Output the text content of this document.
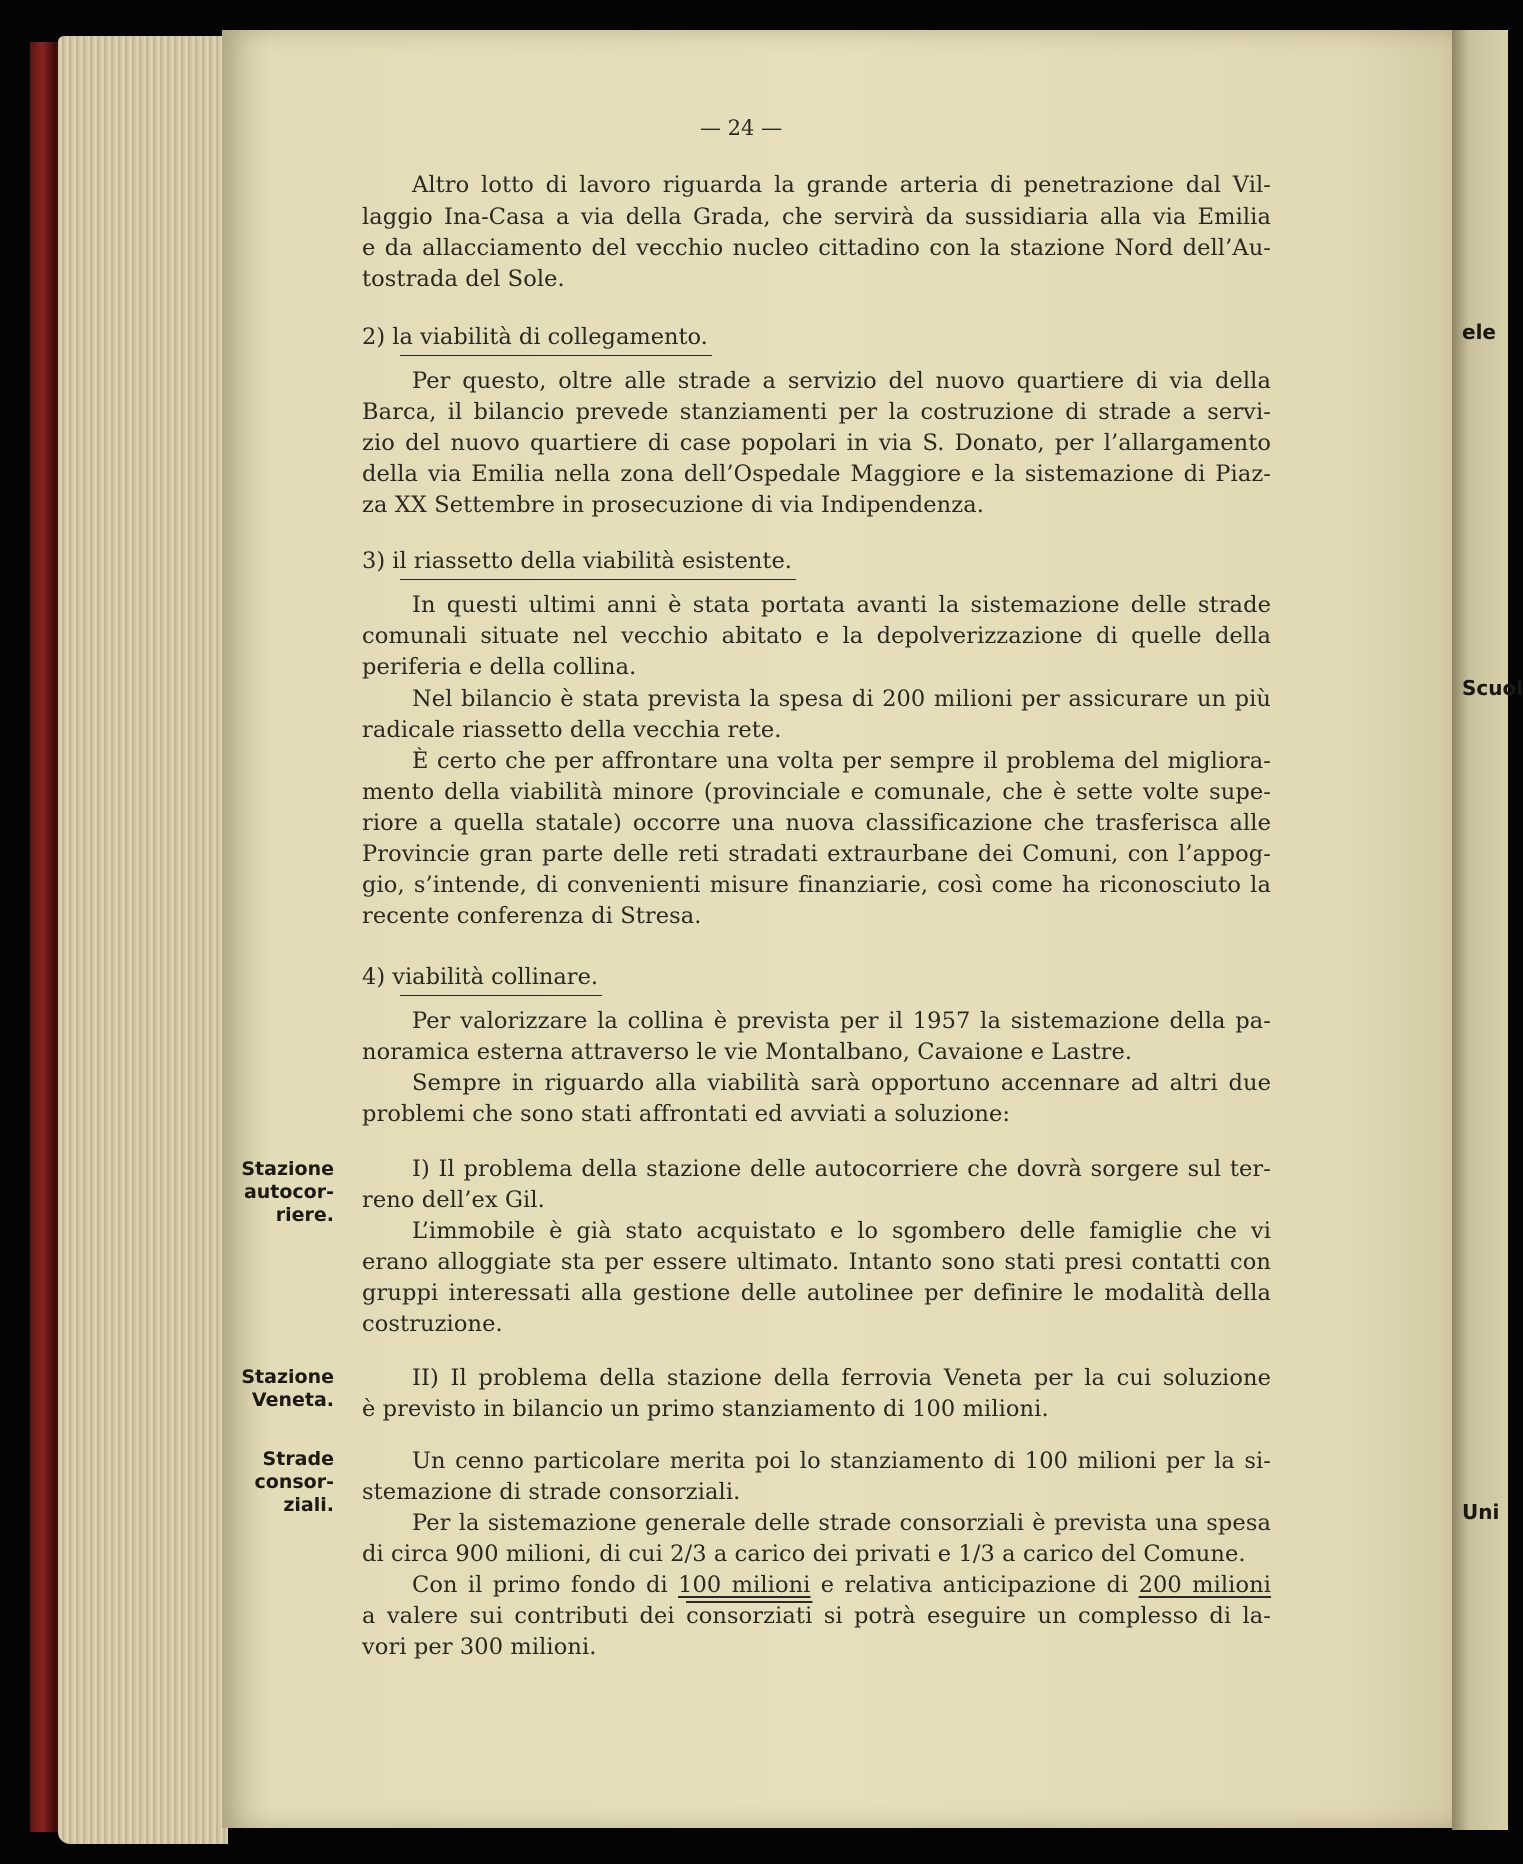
ele
Scuol
Uni
— 24 —
Altro lotto di lavoro riguarda la grande arteria di penetrazione dal Vil-
laggio Ina-Casa a via della Grada, che servirà da sussidiaria alla via Emilia
e da allacciamento del vecchio nucleo cittadino con la stazione Nord dell’Au-
tostrada del Sole.
2) la viabilità di collegamento.
Per questo, oltre alle strade a servizio del nuovo quartiere di via della
Barca, il bilancio prevede stanziamenti per la costruzione di strade a servi-
zio del nuovo quartiere di case popolari in via S. Donato, per l’allargamento
della via Emilia nella zona dell’Ospedale Maggiore e la sistemazione di Piaz-
za XX Settembre in prosecuzione di via Indipendenza.
3) il riassetto della viabilità esistente.
In questi ultimi anni è stata portata avanti la sistemazione delle strade
comunali situate nel vecchio abitato e la depolverizzazione di quelle della
periferia e della collina.
Nel bilancio è stata prevista la spesa di 200 milioni per assicurare un più
radicale riassetto della vecchia rete.
È certo che per affrontare una volta per sempre il problema del migliora-
mento della viabilità minore (provinciale e comunale, che è sette volte supe-
riore a quella statale) occorre una nuova classificazione che trasferisca alle
Provincie gran parte delle reti stradati extraurbane dei Comuni, con l’appog-
gio, s’intende, di convenienti misure finanziarie, così come ha riconosciuto la
recente conferenza di Stresa.
4) viabilità collinare.
Per valorizzare la collina è prevista per il 1957 la sistemazione della pa-
noramica esterna attraverso le vie Montalbano, Cavaione e Lastre.
Sempre in riguardo alla viabilità sarà opportuno accennare ad altri due
problemi che sono stati affrontati ed avviati a soluzione:
Stazione
autocor-
riere.
I) Il problema della stazione delle autocorriere che dovrà sorgere sul ter-
reno dell’ex Gil.
L’immobile è già stato acquistato e lo sgombero delle famiglie che vi
erano alloggiate sta per essere ultimato. Intanto sono stati presi contatti con
gruppi interessati alla gestione delle autolinee per definire le modalità della
costruzione.
Stazione
Veneta.
II) Il problema della stazione della ferrovia Veneta per la cui soluzione
è previsto in bilancio un primo stanziamento di 100 milioni.
Strade
consor-
ziali.
Un cenno particolare merita poi lo stanziamento di 100 milioni per la si-
stemazione di strade consorziali.
Per la sistemazione generale delle strade consorziali è prevista una spesa
di circa 900 milioni, di cui 2/3 a carico dei privati e 1/3 a carico del Comune.
Con il primo fondo di 100 milioni e relativa anticipazione di 200 milioni
a valere sui contributi dei consorziati si potrà eseguire un complesso di la-
vori per 300 milioni.
